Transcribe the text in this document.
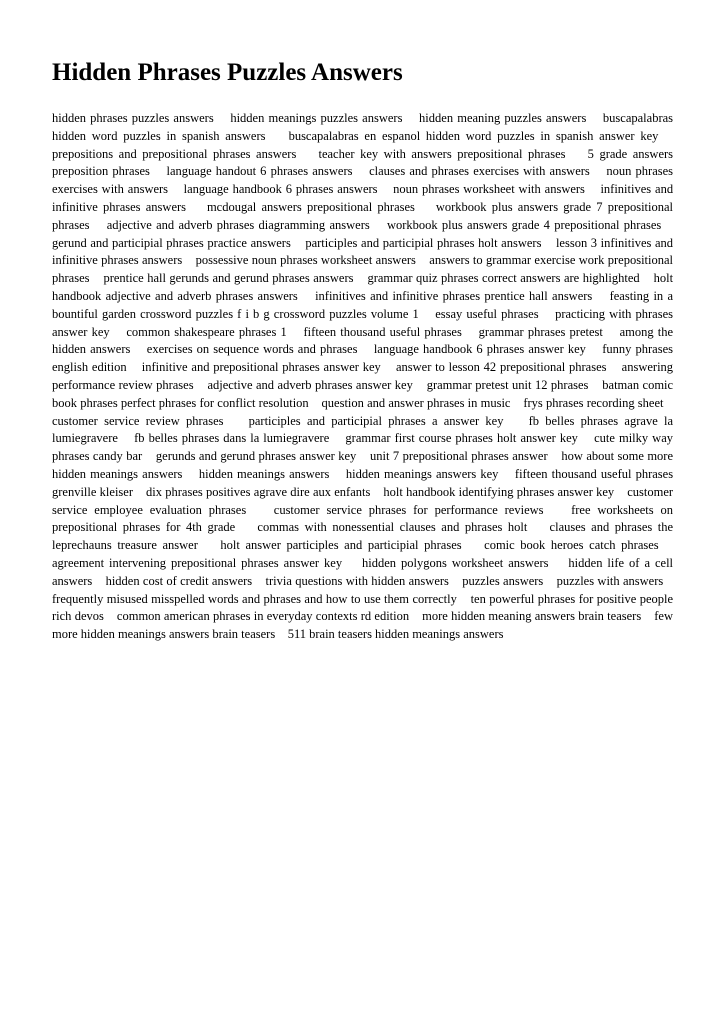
Hidden Phrases Puzzles Answers

hidden phrases puzzles answers hidden meanings puzzles answers hidden meaning puzzles answers buscapalabras hidden word puzzles in spanish answers buscapalabras en espanol hidden word puzzles in spanish answer key prepositions and prepositional phrases answers teacher key with answers prepositional phrases 5 grade answers preposition phrases language handout 6 phrases answers clauses and phrases exercises with answers noun phrases exercises with answers language handbook 6 phrases answers noun phrases worksheet with answers infinitives and infinitive phrases answers mcdougal answers prepositional phrases workbook plus answers grade 7 prepositional phrases adjective and adverb phrases diagramming answers workbook plus answers grade 4 prepositional phrases gerund and participial phrases practice answers participles and participial phrases holt answers lesson 3 infinitives and infinitive phrases answers possessive noun phrases worksheet answers answers to grammar exercise work prepositional phrases prentice hall gerunds and gerund phrases answers grammar quiz phrases correct answers are highlighted holt handbook adjective and adverb phrases answers infinitives and infinitive phrases prentice hall answers feasting in a bountiful garden crossword puzzles f i b g crossword puzzles volume 1 essay useful phrases practicing with phrases answer key common shakespeare phrases 1 fifteen thousand useful phrases grammar phrases pretest among the hidden answers exercises on sequence words and phrases language handbook 6 phrases answer key funny phrases english edition infinitive and prepositional phrases answer key answer to lesson 42 prepositional phrases answering performance review phrases adjective and adverb phrases answer key grammar pretest unit 12 phrases batman comic book phrases perfect phrases for conflict resolution question and answer phrases in music frys phrases recording sheet customer service review phrases participles and participial phrases a answer key fb belles phrases agrave la lumiegravere fb belles phrases dans la lumiegravere grammar first course phrases holt answer key cute milky way phrases candy bar gerunds and gerund phrases answer key unit 7 prepositional phrases answer how about some more hidden meanings answers hidden meanings answers hidden meanings answers key fifteen thousand useful phrases grenville kleiser dix phrases positives agrave dire aux enfants holt handbook identifying phrases answer key customer service employee evaluation phrases customer service phrases for performance reviews free worksheets on prepositional phrases for 4th grade commas with nonessential clauses and phrases holt clauses and phrases the leprechauns treasure answer holt answer participles and participial phrases comic book heroes catch phrases agreement intervening prepositional phrases answer key hidden polygons worksheet answers hidden life of a cell answers hidden cost of credit answers trivia questions with hidden answers puzzles answers puzzles with answers frequently misused misspelled words and phrases and how to use them correctly ten powerful phrases for positive people rich devos common american phrases in everyday contexts rd edition more hidden meaning answers brain teasers few more hidden meanings answers brain teasers 511 brain teasers hidden meanings answers
